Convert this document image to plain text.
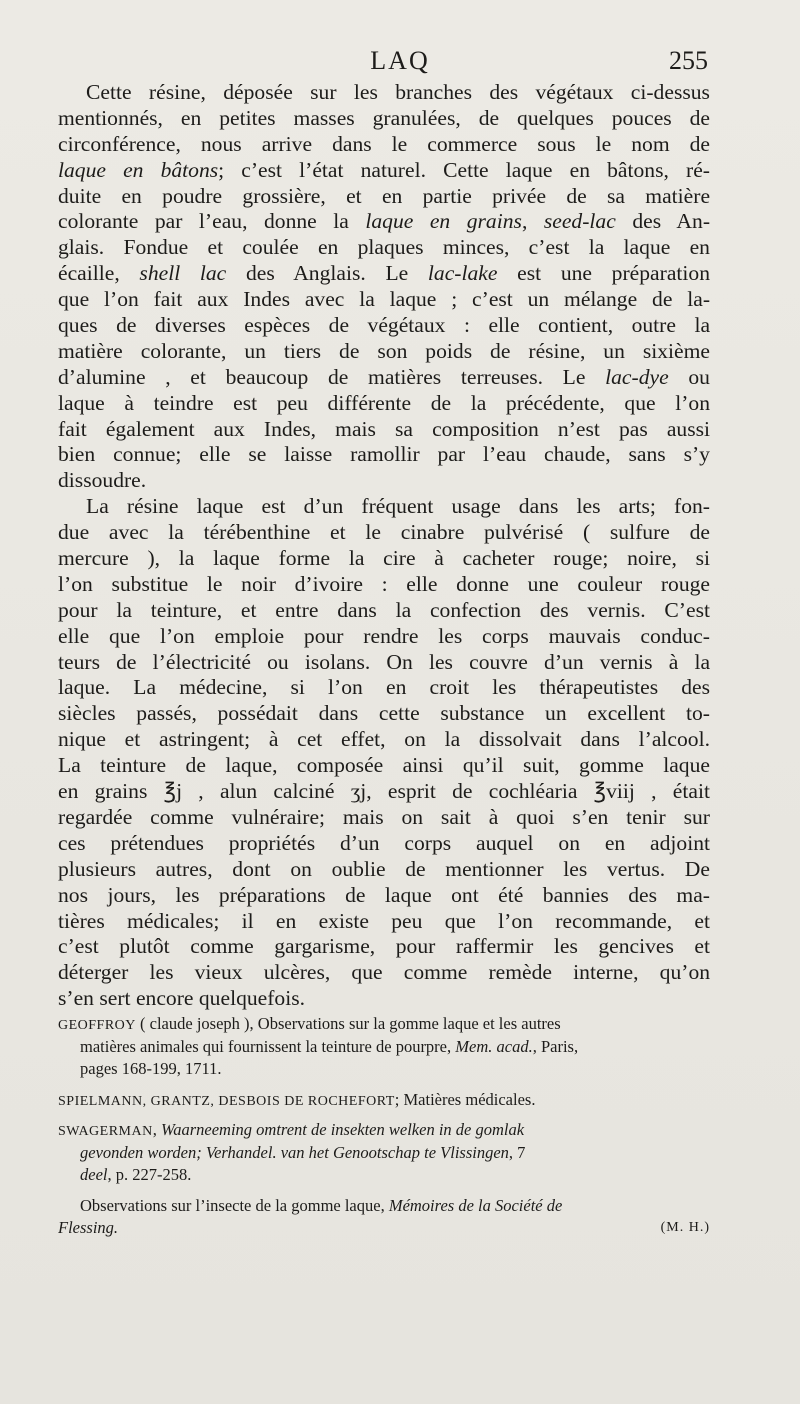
LAQ	255
Cette résine, déposée sur les branches des végétaux ci-dessus
mentionnés, en petites masses granulées, de quelques pouces de
circonférence, nous arrive dans le commerce sous le nom de
laque en bâtons; c’est l’état naturel. Cette laque en bâtons, ré-
duite en poudre grossière, et en partie privée de sa matière
colorante par l’eau, donne la laque en grains, seed-lac des An-
glais. Fondue et coulée en plaques minces, c’est la laque en
écaille, shell lac des Anglais. Le lac-lake est une préparation
que l’on fait aux Indes avec la laque ; c’est un mélange de la-
ques de diverses espèces de végétaux : elle contient, outre la
matière colorante, un tiers de son poids de résine, un sixième
d’alumine , et beaucoup de matières terreuses. Le lac-dye ou
laque à teindre est peu différente de la précédente, que l’on
fait également aux Indes, mais sa composition n’est pas aussi
bien connue; elle se laisse ramollir par l’eau chaude, sans s’y
dissoudre.
La résine laque est d’un fréquent usage dans les arts; fon-
due avec la térébenthine et le cinabre pulvérisé ( sulfure de
mercure ), la laque forme la cire à cacheter rouge; noire, si
l’on substitue le noir d’ivoire : elle donne une couleur rouge
pour la teinture, et entre dans la confection des vernis. C’est
elle que l’on emploie pour rendre les corps mauvais conduc-
teurs de l’électricité ou isolans. On les couvre d’un vernis à la
laque. La médecine, si l’on en croit les thérapeutistes des
siècles passés, possédait dans cette substance un excellent to-
nique et astringent; à cet effet, on la dissolvait dans l’alcool.
La teinture de laque, composée ainsi qu’il suit, gomme laque
en grains ℥j , alun calciné ʒj, esprit de cochléaria ℥viij , était
regardée comme vulnéraire; mais on sait à quoi s’en tenir sur
ces prétendues propriétés d’un corps auquel on en adjoint
plusieurs autres, dont on oublie de mentionner les vertus. De
nos jours, les préparations de laque ont été bannies des ma-
tières médicales; il en existe peu que l’on recommande, et
c’est plutôt comme gargarisme, pour raffermir les gencives et
déterger les vieux ulcères, que comme remède interne, qu’on
s’en sert encore quelquefois.
GEOFFROY ( claude joseph ), Observations sur la gomme laque et les autres
matières animales qui fournissent la teinture de pourpre, Mem. acad., Paris,
pages 168-199, 1711.
SPIELMANN, GRANTZ, DESBOIS DE ROCHEFORT; Matières médicales.
SWAGERMAN, Waarneeming omtrent de insekten welken in de gomlak
gevonden worden; Verhandel. van het Genootschap te Vlissingen, 7
deel, p. 227-258.
Observations sur l’insecte de la gomme laque, Mémoires de la Société de
Flessing.	(M. H.)
